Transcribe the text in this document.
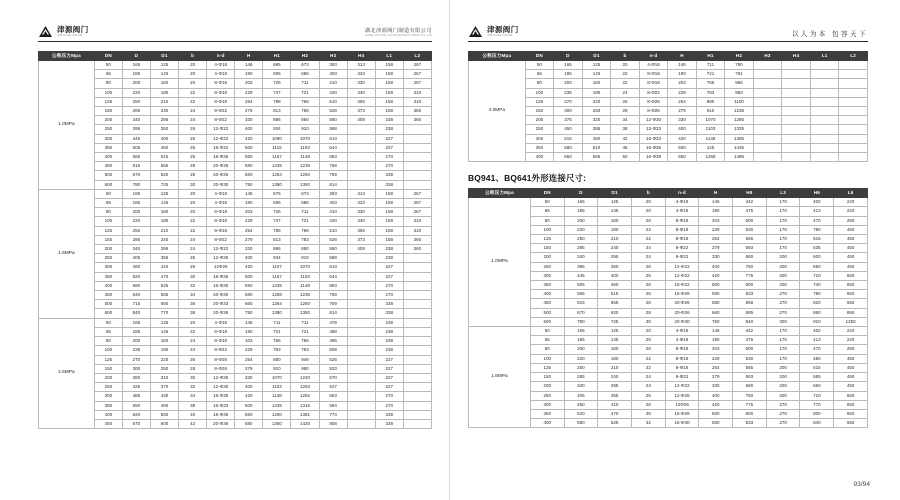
津源阀门
JINYUAN VALVE
湖北津源阀门制造有限公司
HUBEI JINYUAN VALVE MANUFACTURING CO.,LTD
公称压力Mpa	DN	D	D1	b	n-d	H	H1	H2	H3	H4	L1	L2
1.0MPa	50	165	125	20	4-Φ18	146	685	673	393	313	158	267
	65	185	145	20	4-Φ18	190	695	686	403	323	158	267
	80	200	160	20	8-Φ18	203	726	711	410	330	158	267
	100	220	180	22	8-Φ18	229	737	721	420	340	158	310
	125	250	210	22	8-Φ18	254	788	766	510	355	158	310
	150	285	240	24	8-Φ22	279	813	786	528	373	158	360
	200	340	295	24	8-Φ22	330	886	860	560	408	238	360
	250	395	350	26	12-Φ22	400	934	910	588		238	
	300	445	400	26	12-Φ22	420	1090	1070	613		227	
	350	505	460	26	16-Φ22	500	1115	1103	644		227	
	400	565	515	26	16-Φ26	550	1167	1148	683		270	
	450	615	565	28	20-Φ26	580	1235	1235	758		270	
	500	670	620	28	20-Φ26	660	1264	1260	759		338	
	600	780	725	30	20-Φ30	750	1380	1350	814		338	
1.6MPa	50	165	125	20	4-Φ18	146	675	673	393	313	158	267
	65	185	145	20	4-Φ18	190	695	686	403	323	158	267
	80	200	160	20	8-Φ18	203	726	711	410	330	158	267
	100	220	180	22	8-Φ18	229	737	721	420	340	158	310
	125	250	210	22	8-Φ18	254	788	766	510	355	158	310
	150	285	240	24	8-Φ22	279	813	783	528	373	158	360
	200	340	295	24	12-Φ22	330	886	880	560	408	238	360
	250	405	355	26	12-Φ26	400	934	910	588		238	
	300	460	410	28	12Φ26	420	1107	1070	613		227	
	350	520	470	30	16-Φ26	500	1167	1103	644		227	
	400	580	525	32	16-Φ30	550	1235	1148	683		270	
	450	640	585	34	20-Φ30	580	1268	1235	758		270	
	500	715	650	36	20-Φ33	660	1264	1260	759		338	
	600	840	770	38	20-Φ36	750	1380	1350	814		338	
2.5MPa	50	165	125	20	4-Φ18	146	711	711	478		238	
	65	185	145	22	8-Φ18	190	721	721	488		238	
	80	200	160	24	8-Φ18	103	766	766	495		238	
	100	235	190	24	8-Φ22	229	783	783	509		238	
	125	270	220	26	8-Φ26	254	880	949	525		227	
	150	300	250	28	8-Φ26	279	910	980	533		227	
	200	360	310	30	12-Φ26	330	1070	1220	570		227	
	250	425	370	32	12-Φ30	400	1103	1253	627		227	
	300	485	430	34	16-Φ30	420	1148	1292	653		270	
	350	550	490	38	16-Φ33	500	1235	1315	684		270	
	400	620	550	40	16-Φ36	550	1260	1381	774		338	
	450	670	600	42	20-Φ36	580	1350	1420	808		338	
津源阀门
JINYUAN VALVE	以人为本 包容天下
公称压力Mpa	DN	D	D1	b	n-d	H	H1	H2	H3	H4	L1	L2
4.0MPa	50	165	125	20	4-Φ18	146	711	780				
	65	185	145	22	8-Φ18	190	721	791				
	80	200	160	22	8-Φ18	203	766	966				
	100	235	190	24	8-Φ22	229	783	983				
	125	270	220	26	8-Φ26	254	880	1100				
	150	300	250	28	8-Φ26	279	910	1235				
	200	375	320	34	12-Φ30	330	1070	1285				
	250	450	385	38	12-Φ33	400	1103	1335				
	300	515	450	42	16-Φ33	420	1148	1385				
	350	580	510	46	16-Φ36	500	125	1435				
	400	660	585	50	16-Φ39	550	1268	1485				
BQ941、BQ641外形连接尺寸:
公称压力Mpa	DN	D	D1	b	n-d	H	H5	L3	H6	L6
1.0MPa	50	165	125	20	4-Φ18	146	442	170	402	220
	65	185	145	20	4-Φ18	190	475	170	413	220
	80	200	160	20	8-Φ18	203	500	170	470	250
	100	220	180	22	8-Φ18	229	530	170	780	450
	125	250	210	22	8-Φ18	254	565	170	515	450
	150	285	240	24	8-Φ22	279	593	170	535	450
	200	340	295	24	8-Φ22	330	680	200	600	450
	250	395	350	26	12-Φ22	400	750	200	650	450
	300	445	400	26	12-Φ22	420	775	200	710	650
	350	505	460	26	16-Φ22	500	800	200	740	650
	400	565	515	26	16-Φ26	550	833	270	780	650
	450	615	565	28	20-Φ26	580	858	270	820	650
	500	670	620	28	20-Φ26	660	885	270	860	850
	600	780	725	30	20-Φ30	750	940	300	910	1250
1.6MPa	50	165	125	20	4-Φ18	146	442	170	402	220
	65	185	145	20	4-Φ18	190	475	170	413	220
	80	200	160	20	8-Φ18	203	500	170	470	250
	100	220	180	22	8-Φ18	229	530	170	480	450
	125	250	210	22	8-Φ18	254	565	200	515	450
	150	285	240	24	8-Φ22	279	593	200	595	450
	200	340	295	24	12-Φ22	330	680	200	660	450
	250	405	355	26	12-Φ26	400	750	200	710	650
	300	460	410	28	12Φ26	420	775	270	770	650
	350	520	470	30	16-Φ26	500	800	270	800	650
	400	580	525	32	16-Φ30	550	833	270	840	650
93/94
